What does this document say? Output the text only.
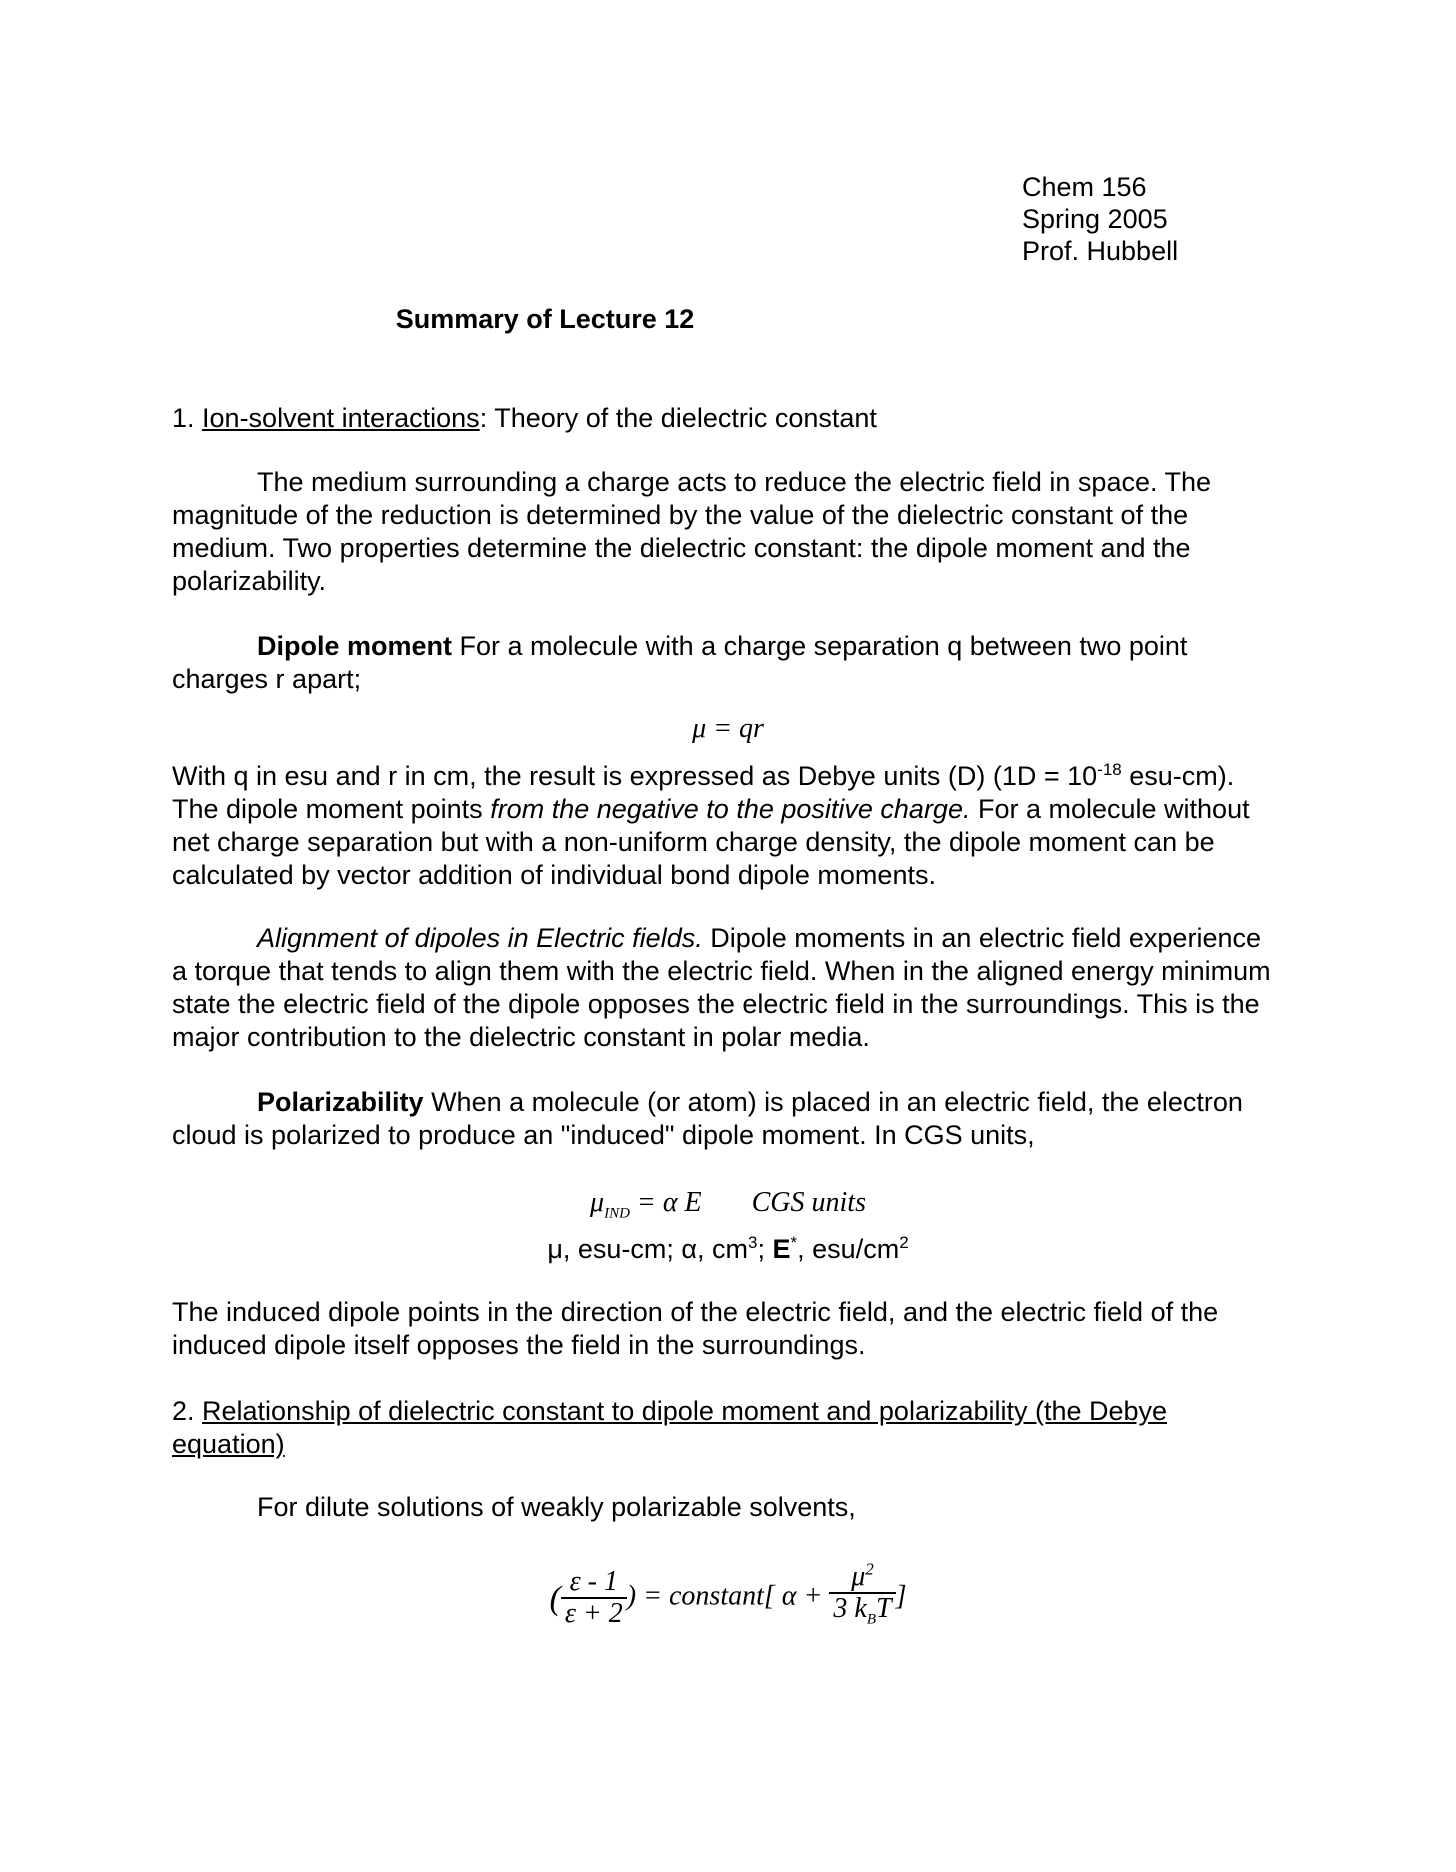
Chem 156
Spring 2005
Prof. Hubbell
Summary of Lecture 12
1. Ion-solvent interactions: Theory of the dielectric constant
The medium surrounding a charge acts to reduce the electric field in space. The magnitude of the reduction is determined by the value of the dielectric constant of the medium. Two properties determine the dielectric constant: the dipole moment and the polarizability.
Dipole moment For a molecule with a charge separation q between two point charges r apart;
μ = qr
With q in esu and r in cm, the result is expressed as Debye units (D) ($1D = 10^{-18}$ esu-cm). The dipole moment points from the negative to the positive charge. For a molecule without net charge separation but with a non-uniform charge density, the dipole moment can be calculated by vector addition of individual bond dipole moments.
Alignment of dipoles in Electric fields. Dipole moments in an electric field experience a torque that tends to align them with the electric field. When in the aligned energy minimum state the electric field of the dipole opposes the electric field in the surroundings. This is the major contribution to the dielectric constant in polar media.
Polarizability When a molecule (or atom) is placed in an electric field, the electron cloud is polarized to produce an "induced" dipole moment. In CGS units,
$\mu_{IND} = \alpha$ E CGS units
μ, esu-cm; α, $cm^3$; E*, esu/$cm^2$
The induced dipole points in the direction of the electric field, and the electric field of the induced dipole itself opposes the field in the surroundings.
2. Relationship of dielectric constant to dipole moment and polarizability (the Debye equation)
For dilute solutions of weakly polarizable solvents,
( $\frac{\varepsilon - 1}{\varepsilon + 2}$ ) = constant[ $\alpha + \frac{\mu^2}{3 k_BT}$ ]
